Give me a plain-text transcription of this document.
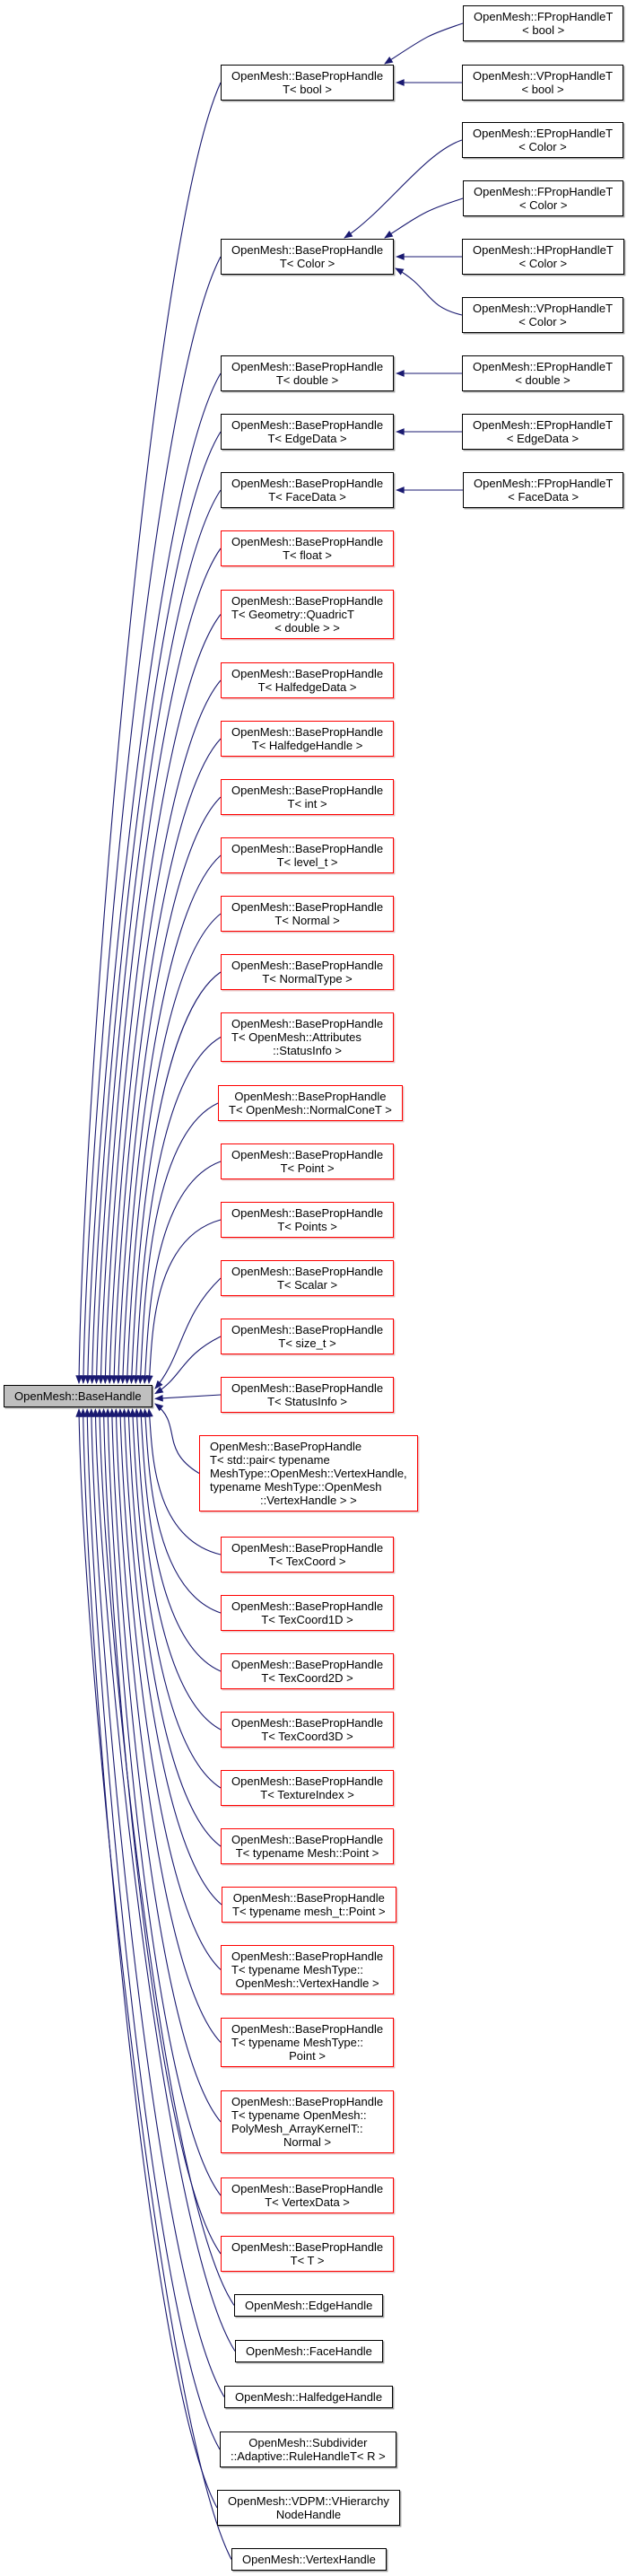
OpenMesh::BaseHandle
OpenMesh::BasePropHandle
T< bool >
OpenMesh::BasePropHandle
T< Color >
OpenMesh::BasePropHandle
T< double >
OpenMesh::BasePropHandle
T< EdgeData >
OpenMesh::BasePropHandle
T< FaceData >
OpenMesh::BasePropHandle
T< float >
OpenMesh::BasePropHandle
T< Geometry::QuadricT
< double > >
OpenMesh::BasePropHandle
T< HalfedgeData >
OpenMesh::BasePropHandle
T< HalfedgeHandle >
OpenMesh::BasePropHandle
T< int >
OpenMesh::BasePropHandle
T< level_t >
OpenMesh::BasePropHandle
T< Normal >
OpenMesh::BasePropHandle
T< NormalType >
OpenMesh::BasePropHandle
T< OpenMesh::Attributes
::StatusInfo >
OpenMesh::BasePropHandle
T< OpenMesh::NormalConeT >
OpenMesh::BasePropHandle
T< Point >
OpenMesh::BasePropHandle
T< Points >
OpenMesh::BasePropHandle
T< Scalar >
OpenMesh::BasePropHandle
T< size_t >
OpenMesh::BasePropHandle
T< StatusInfo >
OpenMesh::BasePropHandle
T< std::pair< typename
MeshType::OpenMesh::VertexHandle,
typename MeshType::OpenMesh
::VertexHandle > >
OpenMesh::BasePropHandle
T< TexCoord >
OpenMesh::BasePropHandle
T< TexCoord1D >
OpenMesh::BasePropHandle
T< TexCoord2D >
OpenMesh::BasePropHandle
T< TexCoord3D >
OpenMesh::BasePropHandle
T< TextureIndex >
OpenMesh::BasePropHandle
T< typename Mesh::Point >
OpenMesh::BasePropHandle
T< typename mesh_t::Point >
OpenMesh::BasePropHandle
T< typename MeshType::
OpenMesh::VertexHandle >
OpenMesh::BasePropHandle
T< typename MeshType::
Point >
OpenMesh::BasePropHandle
T< typename OpenMesh::
PolyMesh_ArrayKernelT::
Normal >
OpenMesh::BasePropHandle
T< VertexData >
OpenMesh::BasePropHandle
T< T >
OpenMesh::EdgeHandle
OpenMesh::FaceHandle
OpenMesh::HalfedgeHandle
OpenMesh::Subdivider
::Adaptive::RuleHandleT< R >
OpenMesh::VDPM::VHierarchy
NodeHandle
OpenMesh::VertexHandle
OpenMesh::FPropHandleT
< bool >
OpenMesh::VPropHandleT
< bool >
OpenMesh::EPropHandleT
< Color >
OpenMesh::FPropHandleT
< Color >
OpenMesh::HPropHandleT
< Color >
OpenMesh::VPropHandleT
< Color >
OpenMesh::EPropHandleT
< double >
OpenMesh::EPropHandleT
< EdgeData >
OpenMesh::FPropHandleT
< FaceData >
